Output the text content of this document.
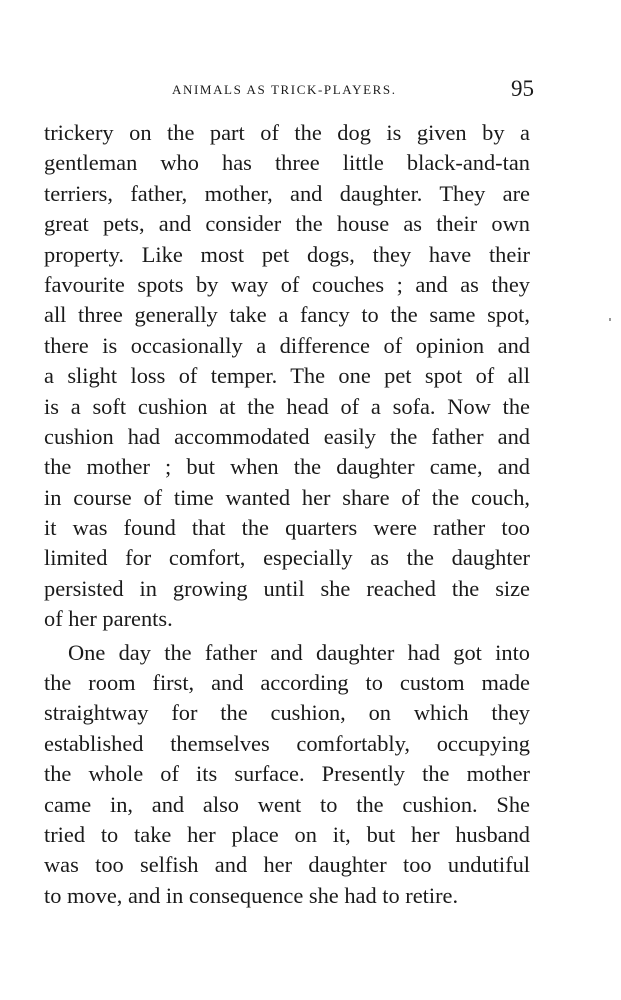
ANIMALS AS TRICK-PLAYERS.	95
trickery on the part of the dog is given by a
gentleman who has three little black-and-tan
terriers, father, mother, and daughter. They are
great pets, and consider the house as their own
property. Like most pet dogs, they have their
favourite spots by way of couches ; and as they
all three generally take a fancy to the same spot,
there is occasionally a difference of opinion and
a slight loss of temper. The one pet spot of all
is a soft cushion at the head of a sofa. Now the
cushion had accommodated easily the father and
the mother ; but when the daughter came, and
in course of time wanted her share of the couch,
it was found that the quarters were rather too
limited for comfort, especially as the daughter
persisted in growing until she reached the size
of her parents.
One day the father and daughter had got into
the room first, and according to custom made
straightway for the cushion, on which they
established themselves comfortably, occupying
the whole of its surface. Presently the mother
came in, and also went to the cushion. She
tried to take her place on it, but her husband
was too selfish and her daughter too undutiful
to move, and in consequence she had to retire.
